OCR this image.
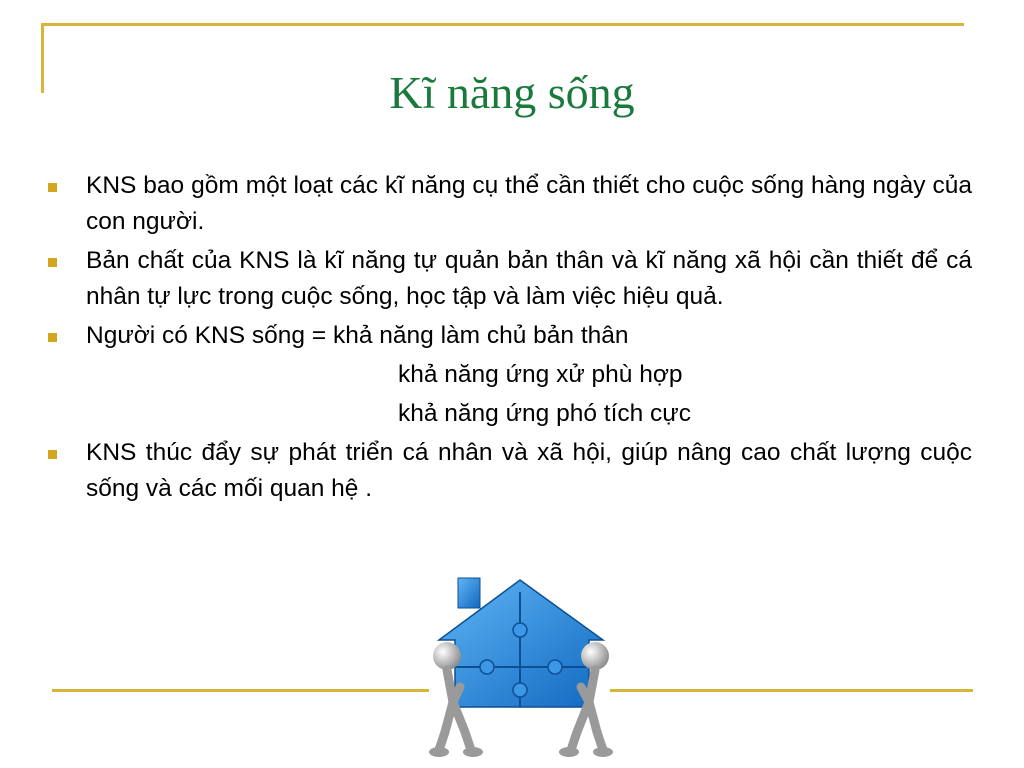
Kĩ năng sống
KNS bao gồm một loạt các kĩ năng cụ thể cần thiết cho cuộc sống hàng ngày của con người.
Bản chất của KNS là kĩ năng tự quản bản thân và kĩ năng xã hội cần thiết để cá nhân tự lực trong cuộc sống, học tập và làm việc hiệu quả.
Người có KNS sống = khả năng làm chủ bản thân
khả năng ứng xử phù hợp
khả năng ứng phó tích cực
KNS thúc đẩy sự phát triển cá nhân và xã hội, giúp nâng cao chất lượng cuộc sống và các mối quan hệ .
